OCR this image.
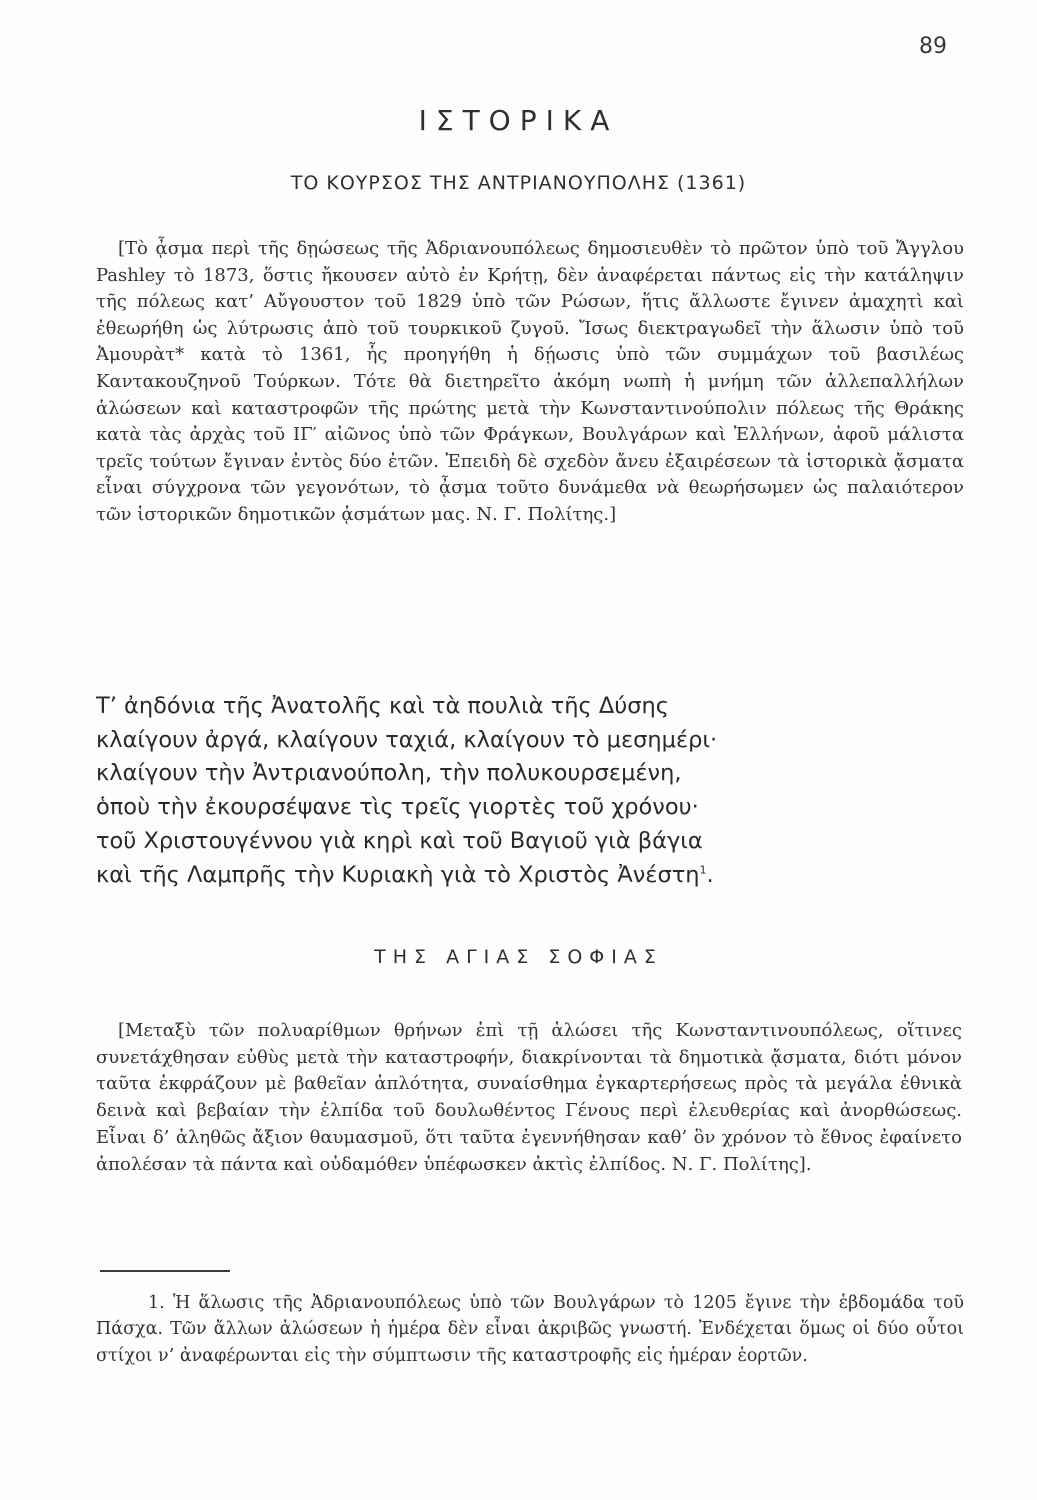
89
ΙΣΤΟΡΙΚΑ
ΤΟ ΚΟΥΡΣΟΣ ΤΗΣ ΑΝΤΡΙΑΝΟΥΠΟΛΗΣ (1361)

[Τὸ ᾆσμα περὶ τῆς δῃώσεως τῆς Ἀδριανουπόλεως δημοσιευθὲν τὸ πρῶτον ὑπὸ τοῦ Ἄγγλου Pashley τὸ 1873, ὅστις ἤκουσεν αὐτὸ ἐν Κρήτῃ, δὲν ἀναφέρεται πάντως εἰς τὴν κατάληψιν τῆς πόλεως κατ’ Αὔγουστον τοῦ 1829 ὑπὸ τῶν Ρώσων, ἥτις ἄλλωστε ἔγινεν ἀμαχητὶ καὶ ἐθεωρήθη ὡς λύτρωσις ἀπὸ τοῦ τουρκικοῦ ζυγοῦ. Ἴσως διεκτραγωδεῖ τὴν ἅλωσιν ὑπὸ τοῦ Ἀμουρὰτ* κατὰ τὸ 1361, ἧς προηγήθη ἡ δῄωσις ὑπὸ τῶν συμμάχων τοῦ βασιλέως Καντακουζηνοῦ Τούρκων. Τότε θὰ διετηρεῖτο ἀκόμη νωπὴ ἡ μνήμη τῶν ἀλλεπαλλήλων ἁλώσεων καὶ καταστροφῶν τῆς πρώτης μετὰ τὴν Κωνσταντινούπολιν πόλεως τῆς Θράκης κατὰ τὰς ἀρχὰς τοῦ ΙΓ′ αἰῶνος ὑπὸ τῶν Φράγκων, Βουλγάρων καὶ Ἑλλήνων, ἀφοῦ μάλιστα τρεῖς τούτων ἔγιναν ἐντὸς δύο ἐτῶν. Ἐπειδὴ δὲ σχεδὸν ἄνευ ἐξαιρέσεων τὰ ἱστορικὰ ᾄσματα εἶναι σύγχρονα τῶν γεγονότων, τὸ ᾆσμα τοῦτο δυνάμεθα νὰ θεωρήσωμεν ὡς παλαιότερον τῶν ἱστορικῶν δημοτικῶν ᾀσμάτων μας. Ν. Γ. Πολίτης.]

Τ’ ἀηδόνια τῆς Ἀνατολῆς καὶ τὰ πουλιὰ τῆς Δύσης
κλαίγουν ἀργά, κλαίγουν ταχιά, κλαίγουν τὸ μεσημέρι·
κλαίγουν τὴν Ἀντριανούπολη, τὴν πολυκουρσεμένη,
ὁποὺ τὴν ἐκουρσέψανε τὶς τρεῖς γιορτὲς τοῦ χρόνου·
τοῦ Χριστουγέννου γιὰ κηρὶ καὶ τοῦ Βαγιοῦ γιὰ βάγια
καὶ τῆς Λαμπρῆς τὴν Κυριακὴ γιὰ τὸ Χριστὸς Ἀνέστη$^1$.
ΤΗΣ ΑΓΙΑΣ ΣΟΦΙΑΣ

[Μεταξὺ τῶν πολυαρίθμων θρήνων ἐπὶ τῇ ἁλώσει τῆς Κωνσταντινουπόλεως, οἵτινες συνετάχθησαν εὐθὺς μετὰ τὴν καταστροφήν, διακρίνονται τὰ δημοτικὰ ᾄσματα, διότι μόνον ταῦτα ἐκφράζουν μὲ βαθεῖαν ἁπλότητα, συναίσθημα ἐγκαρτερήσεως πρὸς τὰ μεγάλα ἐθνικὰ δεινὰ καὶ βεβαίαν τὴν ἐλπίδα τοῦ δουλωθέντος Γένους περὶ ἐλευθερίας καὶ ἀνορθώσεως. Εἶναι δ’ ἀληθῶς ἄξιον θαυμασμοῦ, ὅτι ταῦτα ἐγεννήθησαν καθ’ ὃν χρόνον τὸ ἔθνος ἐφαίνετο ἀπολέσαν τὰ πάντα καὶ οὐδαμόθεν ὑπέφωσκεν ἀκτὶς ἐλπίδος. Ν. Γ. Πολίτης].

1. Ἡ ἅλωσις τῆς Ἀδριανουπόλεως ὑπὸ τῶν Βουλγάρων τὸ 1205 ἔγινε τὴν ἑβδομάδα τοῦ Πάσχα. Τῶν ἄλλων ἁλώσεων ἡ ἡμέρα δὲν εἶναι ἀκριβῶς γνωστή. Ἐνδέχεται ὅμως οἱ δύο οὗτοι στίχοι ν’ ἀναφέρωνται εἰς τὴν σύμπτωσιν τῆς καταστροφῆς εἰς ἡμέραν ἑορτῶν.
